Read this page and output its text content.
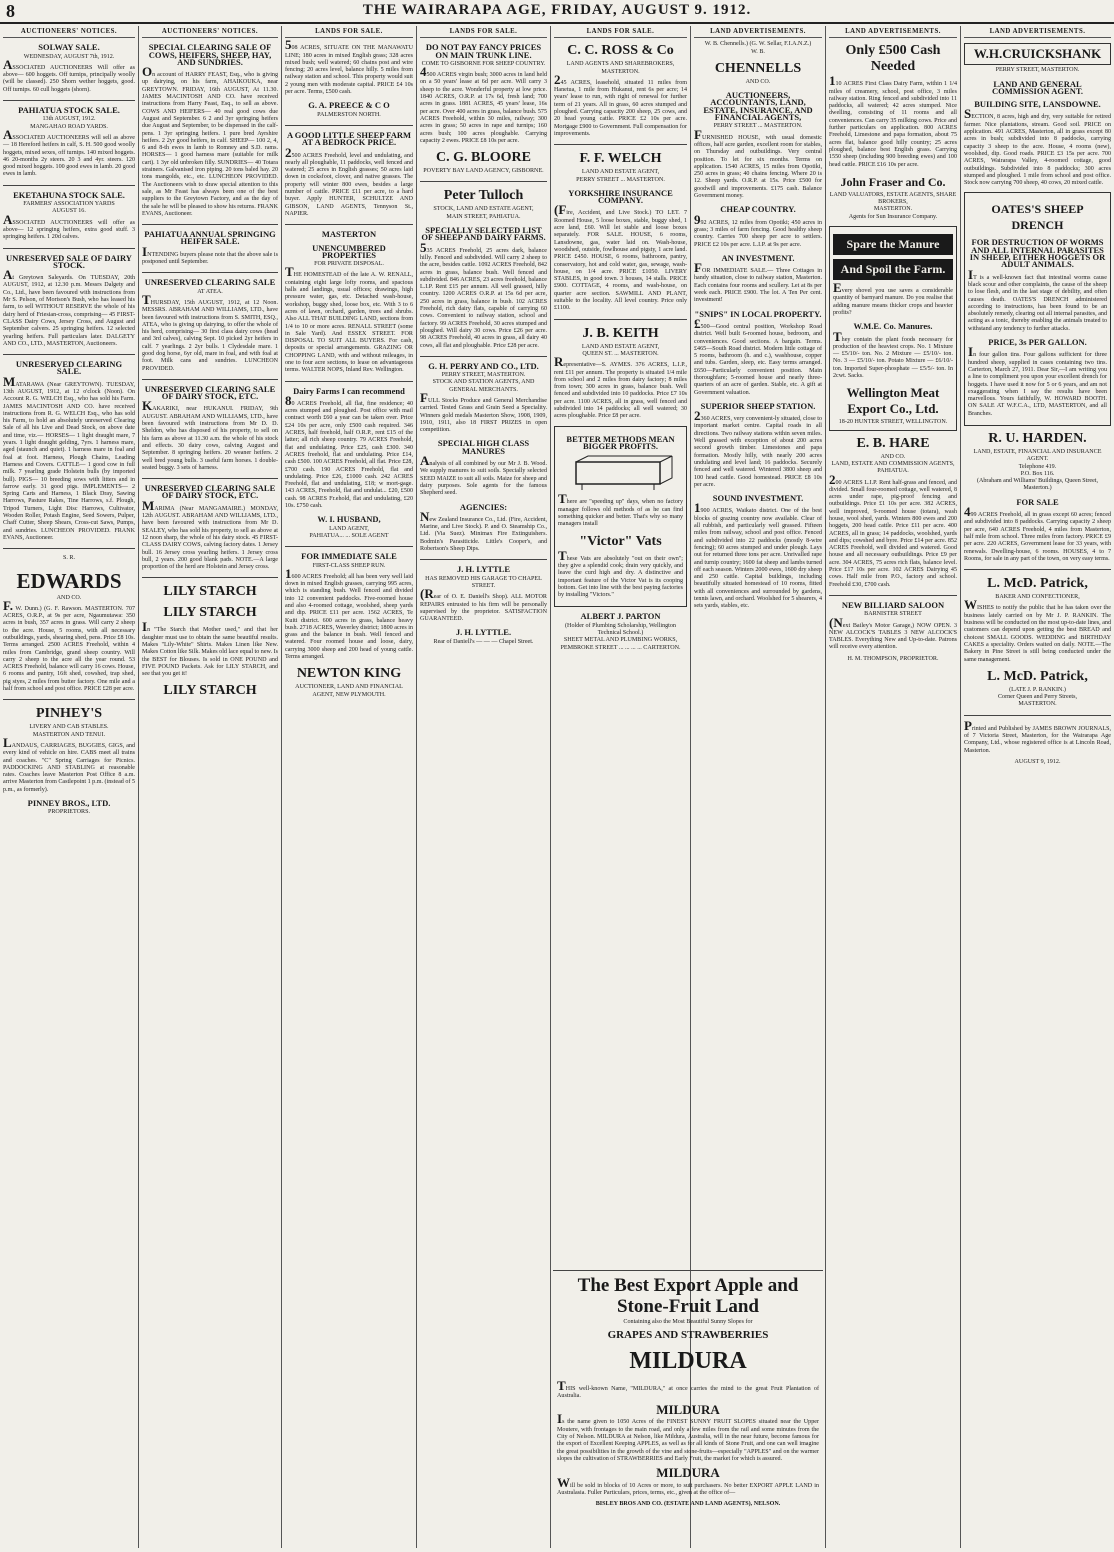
8	THE WAIRARAPA AGE, FRIDAY, AUGUST 9. 1912.
AUCTIONEERS' NOTICES.
SOLWAY SALE.
WEDNESDAY, AUGUST 7th, 1912.
ASSOCIATED AUCTIONEERS Will offer as above— 600 hoggets. Off turnips, principally woolly (will be classed). 250 Shorn wether hoggets, good. Off turnips. 60 cull hoggets (shorn).
PAHIATUA STOCK SALE.
13th AUGUST, 1912.
MANGAHAO ROAD YARDS.
ASSOCIATED AUCTIONEERS will sell as above— 18 Hereford heifers in calf, S. H. 500 good woolly hoggets, mixed sexes, off turnips. 140 mixed hoggets. 46 20-months 2y steers. 20 3 and 4yr. steers. 120 good mixed hoggets. 100 good ewes in lamb. 20 good ewes in lamb.
EKETAHUNA STOCK SALE.
FARMERS' ASSOCIATION YARDS
AUGUST 16.
ASSOCIATED AUCTIONEERS will offer as above— 12 springing heifers, extra good stuff. 3 springing heifers. 1 20d calves.
UNRESERVED SALE OF DAIRY STOCK.
At Greytown Saleyards. On TUESDAY, 20th AUGUST, 1912, at 12.30 p.m. Messrs Dalgety and Co., Ltd., have been favoured with instructions from Mr S. Pelson, of Morison's Bush, who has leased his farm, to sell WITHOUT RESERVE the whole of his dairy herd of Friesian-cross, comprising— 45 FIRST-CLASS Dairy Cows, Jersey Cross, and August and September calvers. 25 springing heifers. 12 selected yearling heifers. Full particulars later. DALGETY AND CO., LTD., MASTERTON, Auctioneers.
UNRESERVED CLEARING SALE.
MATARAWA (Near GREYTOWN). TUESDAY, 13th AUGUST, 1912, at 12 o'clock (Noon). On Account R. G. WELCH Esq., who has sold his Farm. JAMES MACINTOSH AND CO. have received instructions from R. G. WELCH Esq., who has sold his Farm, to hold an absolutely unreserved Clearing Sale of all his Live and Dead Stock, on above date and time, viz.— HORSES— 1 light draught mare, 7 years. 1 light draught gelding, 7yrs. 1 harness mare, aged (staunch and quiet). 1 harness mare in foal and foal at foot. Harness, Plough Chains, Leading Harness and Covers. CATTLE— 1 good cow in full milk. 7 yearling grade Holstein bulls (by imported bull). PIGS— 10 breeding sows with litters and in farrow early. 31 good pigs. IMPLEMENTS— 2 Spring Carts and Harness, 1 Black Dray, Sawing Harrows, Pasture Rakes, Tine Harrows, s.f. Plough, Tripod Turners, Light Disc Harrows, Cultivator, Wooden Roller, Potash Engine, Seed Sowers, Pulper, Chaff Cutter, Sheep Shears, Cross-cut Saws, Pumps, and sundries. LUNCHEON PROVIDED. FRANK EVANS, Auctioneer.
S. R.
EDWARDS
AND CO.
F. W. Dunn.) (G. F. Rawson. MASTERTON. 707 ACRES, O.R.P., at 9s per acre, Ngaumutawa: 350 acres in bush, 357 acres in grass. Will carry 2 sheep to the acre. House, 5 rooms, with all necessary outbuildings, yards, shearing shed, pens. Price £8 10s. Terms arranged. 2500 ACRES Freehold, within 4 miles from Cambridge, grand sheep country. Will carry 2 sheep to the acre all the year round. 53 ACRES Freehold, balance will carry 16 cows. House, 6 rooms and pantry, 16ft shed, cowshed, trap shed, pig styes, 2 miles from butter factory. One mile and a half from school and post office. PRICE £28 per acre.
PINHEY'S
LIVERY AND CAB STABLES.
MASTERTON AND TENUI.
LANDAUS, CARRIAGES, BUGGIES, GIGS, and every kind of vehicle on hire. CABS meet all trains and coaches. "C" Spring Carriages for Picnics. PADDOCKING AND STABLING at reasonable rates. Coaches leave Masterton Post Office 8 a.m. arrive Masterton from Castlepoint 1 p.m. (instead of 5 p.m., as formerly).
PINNEY BROS., LTD.
PROPRIETORS.
AUCTIONEERS' NOTICES.
SPECIAL CLEARING SALE OF COWS, HEIFERS, SHEEP, HAY, AND SUNDRIES.
On account of HARRY FEAST, Esq., who is giving up dairying, on his farm, AHAIKOUKA, near GREYTOWN. FRIDAY, 16th AUGUST, At 11.30. JAMES MACINTOSH AND CO. have received instructions from Harry Feast, Esq., to sell as above. COWS AND HEIFERS— 40 real good cows due August and September. 6 2 and 3yr springing heifers due August and September, to be dispensed in the calf-pens. 1 3yr springing heifers. 1 pure bred Ayrshire heifers. 2 2yr good heifers, in calf. SHEEP— 100 2, 4, 6 and 8-th ewes in lamb to Romney and S.D. rams. HORSES— 1 good harness mare (suitable for milk cart). 1 3yr old unbroken filly. SUNDRIES— 40 Totara strainers. Galvanised iron piping. 20 tons baled hay. 20 tons mangolds, etc., etc. LUNCHEON PROVIDED. The Auctioneers wish to draw special attention to this sale, as Mr Feast has always been one of the best suppliers to the Greytown Factory, and as the day of the sale he will be pleased to show his returns. FRANK EVANS, Auctioneer.
PAHIATUA ANNUAL SPRINGING HEIFER SALE.
INTENDING buyers please note that the above sale is postponed until September.
UNRESERVED CLEARING SALE
AT ATEA.
THURSDAY, 15th AUGUST, 1912, at 12 Noon. MESSRS. ABRAHAM AND WILLIAMS, LTD., have been favoured with instructions from S. SMITH, ESQ., ATEA, who is giving up dairying, to offer the whole of his herd, comprising— 30 first class dairy cows (head and 3rd calves), calving Sept. 10 picked 2yr heifers in calf. 7 yearlings. 2 2yr bulls. 1 Clydesdale mare. 1 good dog horse, 6yr old, mare in foal, and with foal at foot. Milk cans and sundries. LUNCHEON PROVIDED.
UNRESERVED CLEARING SALE OF DAIRY STOCK, ETC.
KAKARIKI, near HUKANUI. FRIDAY, 9th AUGUST. ABRAHAM AND WILLIAMS, LTD., have been favoured with instructions from Mr D. D. Sheldon, who has disposed of his property, to sell on his farm as above at 11.30 a.m. the whole of his stock and effects. 30 dairy cows, calving August and September. 8 springing heifers. 20 weaner heifers. 2 well bred young bulls. 3 useful farm horses. 1 double-seated buggy. 3 sets of harness.
UNRESERVED CLEARING SALE OF DAIRY STOCK, ETC.
MARIMA (Near MANGAMAIRE.) MONDAY, 12th AUGUST. ABRAHAM AND WILLIAMS, LTD., have been favoured with instructions from Mr D. SEALEY, who has sold his property, to sell as above at 12 noon sharp, the whole of his dairy stock. 45 FIRST-CLASS DAIRY COWS, calving factory dates. 1 Jersey bull. 16 Jersey cross yearling heifers. 1 Jersey cross bull, 2 years. 200 good blank pads. NOTE.—A large proportion of the herd are Holstein and Jersey cross.
LILY STARCH
LILY STARCH
In "The Starch that Mother used," and that her daughter must use to obtain the same beautiful results. Makes "Lily-White" Shirts. Makes Linen like New. Makes Cotton like Silk. Makes old lace equal to new. Is the BEST for Blouses. Is sold in ONE POUND and FIVE POUND Packets. Ask for LILY STARCH, and see that you get it!
LILY STARCH
LANDS FOR SALE.
508 ACRES, SITUATE ON THE MANAWATU LINE; 180 acres in mixed English grass; 328 acres mixed bush; well watered; 60 chains post and wire fencing; 20 acres level, balance hilly. 5 miles from railway station and school. This property would suit 2 young men with moderate capital. PRICE £4 10s per acre. Terms, £500 cash.
G. A. PREECE & C O
PALMERSTON NORTH.
A GOOD LITTLE SHEEP FARM AT A BEDROCK PRICE.
2500 ACRES Freehold, level and undulating, and nearly all ploughable, 11 paddocks, well fenced and watered; 25 acres in English grasses; 50 acres laid down in cocksfoot, clover, and native grasses. The property will winter 800 ewes, besides a large number of cattle. PRICE £11 per acre, to a hard buyer. Apply HUNTER, SCHULTZE AND GIBSON, LAND AGENTS, Tennyson St., NAPIER.
MASTERTON
UNENCUMBERED PROPERTIES
FOR PRIVATE DISPOSAL.
THE HOMESTEAD of the late A. W. RENALL, containing eight large lofty rooms, and spacious halls and landings, usual offices; drawings, high pressure water, gas, etc. Detached wash-house, workshop, buggy shed, loose box, etc. With 3 to 6 acres of lawn, orchard, garden, trees and shrubs. Also ALL THAT BUILDING LAND, sections from 1/4 to 10 or more acres. RENALL STREET (some in Sale Yard). And ESSEX STREET. FOR DISPOSAL TO SUIT ALL BUYERS. For cash, deposits or special arrangements. GRAZING OR CHOPPING LAND, with and without mileages, in one to four acre sections, to lease on advantageous terms. WALTER NOPS, Inland Rev. Wellington.
Dairy Farms I can recommend
80 ACRES Freehold, all flat, fine residence; 40 acres stumped and ploughed. Post office with mail contract worth £60 a year can be taken over. Price £24 10s per acre, only £500 cash required. 346 ACRES, half freehold, half O.R.P., rent £15 of the latter; all rich sheep country. 79 ACRES Freehold, flat and undulating. Price £25, cash £300. 340 ACRES freehold, flat and undulating. Price £14, cash £500. 100 ACRES Freehold, all flat. Price £28, £700 cash. 190 ACRES Freehold, flat and undulating. Price £26, £1000 cash. 242 ACRES Freehold, flat and undulating, £18; w mort-gage. 143 ACRES, Freehold, flat and undulat... £20, £500 cash. 98 ACRES Fr.ehold, flat and undulating, £20 10s. £750 cash.
W. I. HUSBAND,
LAND AGENT,
PAHIATUA... ... SOLE AGENT
FOR IMMEDIATE SALE
FIRST-CLASS SHEEP RUN.
1600 ACRES Freehold; all has been very well laid down in mixed English grasses, carrying 995 acres, which is standing bush. Well fenced and divided into 12 convenient paddocks. Five-roomed house and also 4-roomed cottage, woolshed, sheep yards and dip. PRICE £11 per acre. 1562 ACRES, Te Kuiti district. 600 acres in grass, balance heavy bush. 2718 ACRES, Waverley district; 1800 acres in grass and the balance in bush. Well fenced and watered. Four roomed house and loose, dairy, carrying 3000 sheep and 200 head of young cattle. Terms arranged.
NEWTON KING
AUCTIONEER, LAND AND FINANCIAL AGENT, NEW PLYMOUTH.
LANDS FOR SALE.
DO NOT PAY FANCY PRICES ON MAIN TRUNK LINE.
COME TO GISBORNE FOR SHEEP COUNTRY.
4500 ACRES virgin bush; 3000 acres in land held on a 50 years' lease at 6d per acre. Will carry 3 sheep to the acre. Wonderful property at low price. 1840 ACRES, O.R.P. at 17s 6d, fresh land; 700 acres in grass. 1881 ACRES, 45 years' lease, 16s per acre. Over 400 acres in grass, balance bush. 575 ACRES Freehold, within 30 miles, railway; 300 acres in grass; 50 acres in rape and turnips; 160 acres bush; 100 acres ploughable. Carrying capacity 2 ewes. PRICE £8 10s per acre.
C. G. BLOORE
POVERTY BAY LAND AGENCY, GISBORNE.
Peter Tulloch
STOCK, LAND AND ESTATE AGENT,
MAIN STREET, PAHIATUA.
SPECIALLY SELECTED LIST OF SHEEP AND DAIRY FARMS.
535 ACRES Freehold, 25 acres dark, balance hilly. Fenced and subdivided. Will carry 2 sheep to the acre, besides cattle. 1092 ACRES Freehold, 842 acres in grass, balance bush. Well fenced and subdivided. 846 ACRES, 23 acres freehold, balance L.I.P. Rent £15 per annum. All well grassed, hilly country. 1200 ACRES O.R.P. at 15s 6d per acre, 250 acres in grass, balance in bush. 102 ACRES Freehold, rich dairy flats, capable of carrying 60 cows. Convenient to railway station, school and factory. 99 ACRES Freehold, 30 acres stumped and ploughed. Will dairy 30 cows. Price £26 per acre. 98 ACRES Freehold, 40 acres in grass, all dairy 40 cows, all flat and ploughable. Price £28 per acre.
G. H. PERRY AND CO., LTD.
PERRY STREET, MASTERTON.
STOCK AND STATION AGENTS, AND GENERAL MERCHANTS.
FULL Stocks Produce and General Merchandise carried. Tested Grass and Grain Seed a Speciality. Winners gold medals Masterton Show, 1908, 1909, 1910, 1911, also 18 FIRST PRIZES in open competition.
SPECIAL HIGH CLASS MANURES
Analysis of all combined by our Mr J. B. Wood. We supply manures to suit soils. Specially selected SEED MAIZE to suit all soils. Maize for sheep and dairy purposes. Sole agents for the famous Shepherd seed.
AGENCIES:
New Zealand Insurance Co., Ltd. (Fire, Accident, Marine, and Live Stock). P. and O. Steamship Co., Ltd. (Via Suez). Minimax Fire Extinguishers. Bodmin's Parasiticide. Little's Cooper's, and Robertson's Sheep Dips.
J. H. LYTTLE
HAS REMOVED HIS GARAGE TO CHAPEL STREET.
(Rear of O. E. Daniell's Shop). ALL MOTOR REPAIRS entrusted to his firm will be personally supervised by the proprietor. SATISFACTION GUARANTEED.
J. H. LYTTLE.
Rear of Daniell's — — — Chapel Street.
LANDS FOR SALE.
C. C. ROSS & Co
LAND AGENTS AND SHAREBROKERS,
MASTERTON.
245 ACRES, leasehold, situated 11 miles from Hanetua, 1 mile from Hukanui, rent 6s per acre; 14 years' lease to run, with right of renewal for further term of 21 years. All in grass, 60 acres stumped and ploughed. Carrying capacity 200 sheep, 25 cows, and 20 head young cattle. PRICE £2 10s per acre. Mortgage £900 to Government. Full compensation for improvements.
F. F. WELCH
LAND AND ESTATE AGENT,
PERRY STREET ... MASTERTON.
YORKSHIRE INSURANCE COMPANY.
(Fire, Accident, and Live Stock.) TO LET. 7 Roomed House, 5 loose boxes, stable, buggy shed, 1 acre land, £60. Will let stable and loose boxes separately. FOR SALE. HOUSE, 6 rooms, Lansdowne, gas, water laid on. Wash-house, woodshed, outside, fowlhouse and pigsty, 1 acre land. PRICE £450. HOUSE, 6 rooms, bathroom, pantry, conservatory, hot and cold water, gas, sewage, wash-house, on 1/4 acre. PRICE £1050. LIVERY STABLES, in good town. 3 houses, 14 stalls. PRICE £900. COTTAGE, 4 rooms, and wash-house, on quarter acre section. SAWMILL AND PLANT, suitable to the locality. All level country. Price only £1100.
J. B. KEITH
LAND AND ESTATE AGENT,
QUEEN ST. ... MASTERTON.
Representative—S. AYMES. 376 ACRES, L.I.P., rent £11 per annum. The property is situated 1/4 mile from school and 2 miles from dairy factory; 8 miles from town; 300 acres in grass, balance bush. Well fenced and subdivided into 10 paddocks. Price £7 10s per acre. 1100 ACRES, all in grass, well fenced and subdivided into 14 paddocks; all well watered; 30 acres ploughable. Price £8 per acre.
BETTER METHODS MEAN BIGGER PROFITS.
There are "speeding up" days, when no factory manager follows old methods of as he can find something quicker and better. That's why so many managers install
"Victor" Vats
These Vats are absolutely "out on their own"; they give a splendid cook; drain very quickly, and leave the curd high and dry. A distinctive and important feature of the Victor Vat is its cooping bottom. Get into line with the best paying factories by installing "Victors."
ALBERT J. PARTON
(Holder of Plumbing Scholarship, Wellington Technical School.)
SHEET METAL AND PLUMBING WORKS,
PEMBROKE STREET ... ... ... ... CARTERTON.
LAND ADVERTISEMENTS.
W. B. Chennells.) (G. W. Sellar, F.I.A.N.Z.)
W. B.
CHENNELLS
AND CO.
AUCTIONEERS, ACCOUNTANTS, LAND, ESTATE, INSURANCE, AND FINANCIAL AGENTS,
PERRY STREET ... MASTERTON.
FURNISHED HOUSE, with usual domestic offices, half acre garden, excellent room for stables, on Thursday and outbuildings. Very central position. To let for six months. Terms on application. 1540 ACRES, 15 miles from Opotiki, 250 acres in grass; 40 chains fencing. Where 20 is 12. Sheep yards. O.R.P. at 15s. Price £500 for goodwill and improvements. £175 cash. Balance Government money.
CHEAP COUNTRY.
992 ACRES, 12 miles from Opotiki; 450 acres in grass; 3 miles of farm fencing. Good healthy sheep country. Carries 700 sheep per acre to settlers. PRICE £2 10s per acre. L.I.P. at 9s per acre.
AN INVESTMENT.
FOR IMMEDIATE SALE.— Three Cottages in handy situation, close to railway station, Masterton. Each contains four rooms and scullery. Let at 8s per week each. PRICE £900. The lot. A Ten Per cent. investment!
"SNIPS" IN LOCAL PROPERTY.
£500—Good central position, Workshop Road district. Well built 6-roomed house, bedroom, and conveniences. Good sections. A bargain. Terms. £465—South Road district. Modern little cottage of 5 rooms, bathroom (h. and c.), washhouse, copper and tubs. Garden, sleep, etc. Easy terms arranged. £650—Particularly convenient position. Main thoroughfare; 5-roomed house and nearly three-quarters of an acre of garden. Stable, etc. A gift at Government valuation.
SUPERIOR SHEEP STATION.
2360 ACRES, very convenient-ly situated, close to important market centre. Capital roads in all directions. Two railway stations within seven miles. Well grassed with exception of about 200 acres second growth timber. Limestones and papa formation. Mostly hilly, with nearly 200 acres undulating and level land; 16 paddocks. Securely fenced and well watered. Wintered 3800 sheep and 100 head cattle. Good homestead. PRICE £8 10s per acre.
SOUND INVESTMENT.
1900 ACRES, Waikato district. One of the best blocks of grazing country now available. Clear of all rubbish, and particularly well grassed. Fifteen miles from railway, school and post office. Fenced and subdivided into 22 paddocks (mostly 8-wire fencing); 60 acres stumped and under plough. Lays out for returned three tons per acre. Unrivalled rape and turnip country; 1600 fat sheep and lambs turned off each season. Winters 2000 ewes, 1600 dry sheep and 250 cattle. Capital buildings, including beautifully situated homestead of 10 rooms, fitted with all conveniences and surrounded by gardens, tennis lawn, and orchard. Woolshed for 5 shearers, 4 sets yards, stables, etc.
The Best Export Apple and Stone-Fruit Land
Containing also the Most Beautiful Sunny Slopes for
GRAPES AND STRAWBERRIES
MILDURA
THIS well-known Name, "MILDURA," at once carries the mind to the great Fruit Plantation of Australia.
MILDURA
Is the name given to 1050 Acres of the FINEST SUNNY FRUIT SLOPES situated near the Upper Moutere, with frontages to the main road, and only a few miles from the rail and some minutes from the City of Nelson. MILDURA at Nelson, like Mildura, Australia, will in the near future, become famous for the export of Excellent Keeping APPLES, as well as for all kinds of Stone Fruit, and one can well imagine the great possibilities in the growth of the vine and stone-fruits—especially "APPLES" and on the warmer slopes the cultivation of STRAWBERRIES and Early Fruit, the market for which is assured.
MILDURA
Will be sold in blocks of 10 Acres or more, to suit purchasers. No better EXPORT APPLE LAND in Australasia. Fuller Particulars, prices, terms, etc., given at the office of—
BISLEY BROS AND CO. (ESTATE AND LAND AGENTS), NELSON.
LAND ADVERTISEMENTS.
Only £500 Cash Needed
110 ACRES First Class Dairy Farm, within 1 1/4 miles of creamery, school, post office, 3 miles railway station. Ring fenced and subdivided into 11 paddocks, all watered; 42 acres stumped. Nice dwelling, consisting of 11 rooms and all conveniences. Can carry 35 milking cows. Price and further particulars on application. 800 ACRES Freehold, Limestone and papa formation, about 75 acres flat, balance good hilly country; 25 acres ploughed, balance best English grass. Carrying 1550 sheep (including 900 breeding ewes) and 100 head cattle. PRICE £16 10s per acre.
John Fraser and Co.
LAND VALUATORS, ESTATE AGENTS, SHARE BROKERS,
MASTERTON.
Agents for Sun Insurance Company.
Spare the Manure
And Spoil the Farm.
Every shovel you use saves a considerable quantity of barnyard manure. Do you realise that adding manure means thicker crops and heavier profits?
W.M.E. Co. Manures.
They contain the plant foods necessary for production of the heaviest crops. No. 1 Mixture — £5/10/- ton. No. 2 Mixture — £5/10/- ton. No. 3 — £5/10/- ton. Potato Mixture — £6/10/- ton. Imported Super-phosphate — £5/5/- ton. In 2cwt. Sacks.
Wellington Meat Export Co., Ltd.
18-20 HUNTER STREET, WELLINGTON.
E. B. HARE
AND CO.
LAND, ESTATE AND COMMISSION AGENTS, PAHIATUA.
200 ACRES L.I.P. Rent half-grass and fenced, and divided. Small four-roomed cottage, well watered, 8 acres under rape, pig-proof fencing and outbuildings. Price £1 10s per acre. 382 ACRES, well improved, 9-roomed house (totara), wash house, wool shed, yards. Winters 800 ewes and 200 hoggets, 200 head cattle. Price £11 per acre. 400 ACRES, all in grass; 14 paddocks, woolshed, yards and dips; cowshed and byre. Price £14 per acre. 852 ACRES Freehold, well divided and watered. Good house and all necessary outbuildings. Price £9 per acre. 304 ACRES, 75 acres rich flats, balance level. Price £17 10s per acre. 102 ACRES Dairying 45 cows. Half mile from P.O., factory and school. Freehold £30, £700 cash.
NEW BILLIARD SALOON
BARNISTER STREET
(Next Bailey's Motor Garage,) NOW OPEN. 3 NEW ALCOCK'S TABLES 3 NEW ALCOCK'S TABLES. Everything New and Up-to-date. Patrons will receive every attention.
H. M. THOMPSON, PROPRIETOR.
LAND ADVERTISEMENTS.
W.H.CRUICKSHANK
PERRY STREET, MASTERTON.
LAND AND GENERAL COMMISSION AGENT.
BUILDING SITE, LANSDOWNE.
SECTION, 8 acres, high and dry, very suitable for retired farmer. Nice plantations, stream. Good soil. PRICE on application. 491 ACRES, Masterton, all in grass except 80 acres in bush; subdivided into 8 paddocks, carrying capacity 3 sheep to the acre. House, 4 rooms (new), woolshed, dip. Good roads. PRICE £3 15s per acre. 700 ACRES, Wairarapa Valley, 4-roomed cottage, good outbuildings. Subdivided into 8 paddocks; 300 acres stumped and ploughed. 1 mile from school and post office. Stock now carrying 700 sheep, 40 cows, 20 mixed cattle.
OATES'S SHEEP DRENCH
FOR DESTRUCTION OF WORMS AND ALL INTERNAL PARASITES IN SHEEP, EITHER HOGGETS OR ADULT ANIMALS.
IT is a well-known fact that intestinal worms cause black scour and other complaints, the cause of the sheep to lose flesh, and in the last stage of debility, and often causes death. OATES'S DRENCH administered according to instructions, has been found to be an absolutely remedy, clearing out all internal parasites, and acting as a tonic, thereby enabling the animals treated to withstand any tendency to further attacks.
PRICE, 3s PER GALLON.
In four gallon tins. Four gallons sufficient for three hundred sheep, supplied in cases containing two tins. Carterton, March 27, 1911. Dear Sir,—I am writing you a line to compliment you upon your excellent drench for hoggets. I have used it now for 5 or 6 years, and am not exaggerating when I say the results have been marvellous. Yours faithfully, W. HOWARD BOOTH. ON SALE AT W.F.C.A., LTD, MASTERTON, and all Branches.
R. U. HARDEN.
LAND, ESTATE, FINANCIAL AND INSURANCE AGENT.
Telephone 419.
P.O. Box 116.
(Abraham and Williams' Buildings, Queen Street, Masterton.)
FOR SALE
499 ACRES Freehold, all in grass except 60 acres; fenced and subdivided into 8 paddocks. Carrying capacity 2 sheep per acre, 640 ACRES Freehold, 4 miles from Masterton, half mile from school. Three miles from factory. PRICE £9 per acre. 220 ACRES, Government lease for 33 years, with renewals. Dwelling-house, 6 rooms. HOUSES, 4 to 7 Rooms, for sale in any part of the town, on very easy terms.
L. McD. Patrick,
BAKER AND CONFECTIONER,
WISHES to notify the public that he has taken over the business lately carried on by Mr J. P. RANKIN. The business will be conducted on the most up-to-date lines, and customers can depend upon getting the best BREAD and choicest SMALL GOODS. WEDDING and BIRTHDAY CAKES a speciality. Orders waited on daily. NOTE.—The Bakery in Pine Street is still being conducted under the same management.
L. McD. Patrick,
(LATE J. P. RANKIN.)
Corner Queen and Perry Streets,
MASTERTON.
Printed and Published by JAMES BROWN JOURNALS, of 7 Victoria Street, Masterton, for the Wairarapa Age Company, Ltd., whose registered office is at Lincoln Road, Masterton.
AUGUST 9, 1912.
